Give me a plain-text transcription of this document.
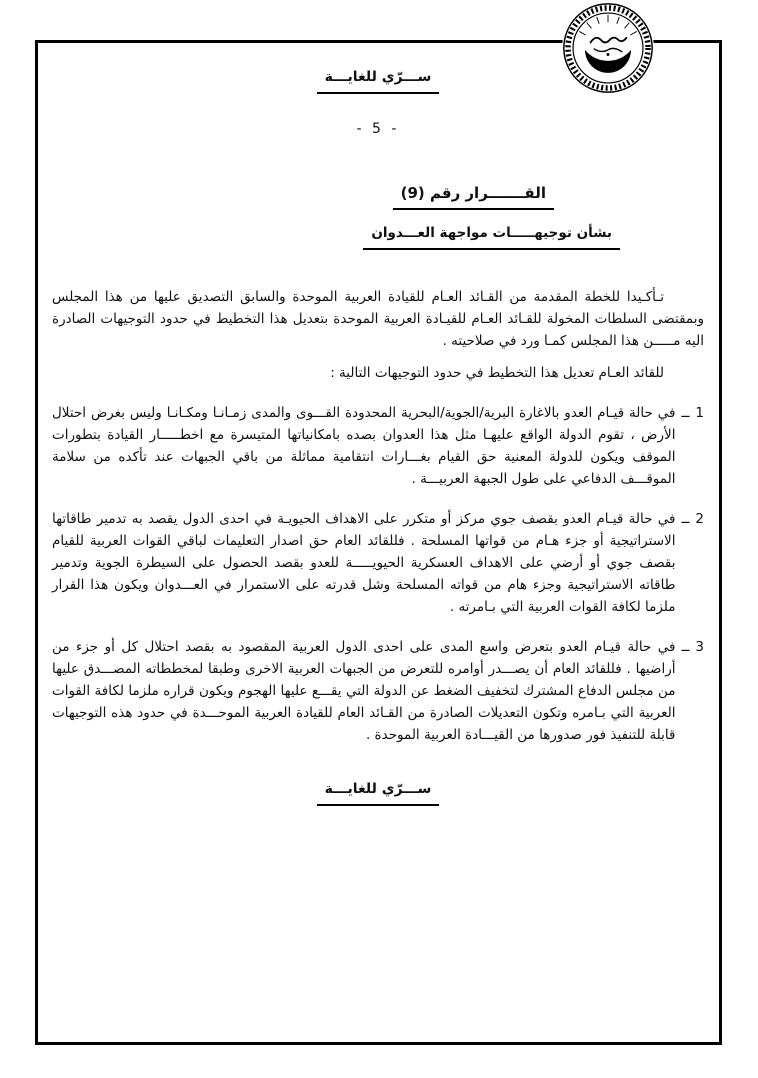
ســـرّي للغايـــة
- 5 -
القـــــــرار رقم (9)
بشأن توجيهـــــات مواجهة العـــدوان

تـأكـيدا للخطة المقدمة من القـائد العـام للقيادة العربية الموحدة والسابق التصديق عليها من هذا المجلس وبمقتضى السلطات المخولة للقـائد العـام للقيـادة العربية الموحدة بتعديل هذا التخطيط في حدود التوجيهات الصادرة اليه مـــــن هذا المجلس كمـا ورد في صلاحيته .

للقائد العـام تعديل هذا التخطيط في حدود التوجيهات التالية :

1
ــ

في حالة قيـام العدو بالاغارة البرية/الجوية/البحرية المحدودة القـــوى والمدى زمـانـا ومكـانـا وليس بغرض احتلال الأرض ، تقوم الدولة الواقع عليهـا مثل هذا العدوان بصده بامكانياتها المتيسرة مع اخطـــــار القيادة بتطورات الموقف ويكون للدولة المعنية حق القيام بغـــارات انتقامية مماثلة من باقي الجبهات عند تأكده من سلامة الموقـــف الدفاعي على طول الجبهة العربيـــة .

2
ــ

في حالة قيـام العدو بقصف جوي مركز أو متكرر على الاهداف الحيويـة في احدى الدول يقصد به تدمير طاقاتها الاستراتيجية أو جزء هـام من قواتها المسلحة . فللقائد العام حق اصدار التعليمات لباقي القوات العربية للقيام بقصف جوي أو أرضي على الاهداف العسكرية الحيويـــــة للعدو بقصد الحصول على السيطرة الجوية وتدمير طاقاته الاستراتيجية وجزء هام من قواته المسلحة وشل قدرته على الاستمرار في العـــدوان ويكون هذا القرار ملزما لكافة القوات العربية التي بـامرته .

3
ــ

في حالة قيـام العدو بتعرض واسع المدى على احدى الدول العربية المقصود به بقصد احتلال كل أو جزء من أراضيها . فللقائد العام أن يصـــدر أوامره للتعرض من الجبهات العربية الاخرى وطبقا لمخططاته المصـــدق عليها من مجلس الدفاع المشترك لتخفيف الضغط عن الدولة التي يقـــع عليها الهجوم ويكون قراره ملزما لكافة القوات العربية التي بـامره وتكون التعديلات الصادرة من القـائد العام للقيادة العربية الموحـــدة في حدود هذه التوجيهات قابلة للتنفيذ فور صدورها من القيـــادة العربية الموحدة .

ســـرّي للغايـــة
